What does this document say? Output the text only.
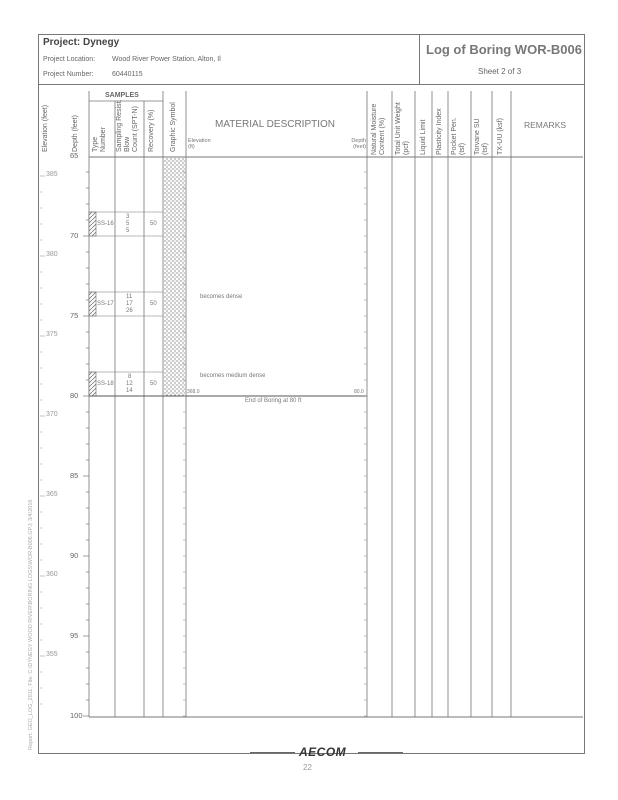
Project: Dynegy
Project Location: Wood River Power Station, Alton, Il
Project Number:	60440115
Log of Boring WOR-B006
Sheet 2 of 3
Elevation (feet)	Depth (feet)
SAMPLES
Type Number Sampling Resist. Blow Count (SPT-N) Recovery (%) Graphic Symbol	MATERIAL DESCRIPTION
Elevation (ft)
Depth (feet) Natural Moisture Content (%) Total Unit Weight (pcf) Liquid Limit Plasticity Index Pocket Pen. (tsf) Torvane SU (tsf) TX-UU (ksf) REMARKS
65
70
75
80
85
90
95
100
385
380
375
370
365
360
355
SS-16
3
5
5
50
SS-17
11
17
26
50
SS-18
8
12
14
50
becomes dense
becomes medium dense
368.0	80.0
End of Boring at 80 ft
AECOM
22
Report: GEO_LOG_2011; File: C:\DYNEGY WOOD RIVER\BORING LOGS\WOR-B006.GPJ; 3/4/2016
